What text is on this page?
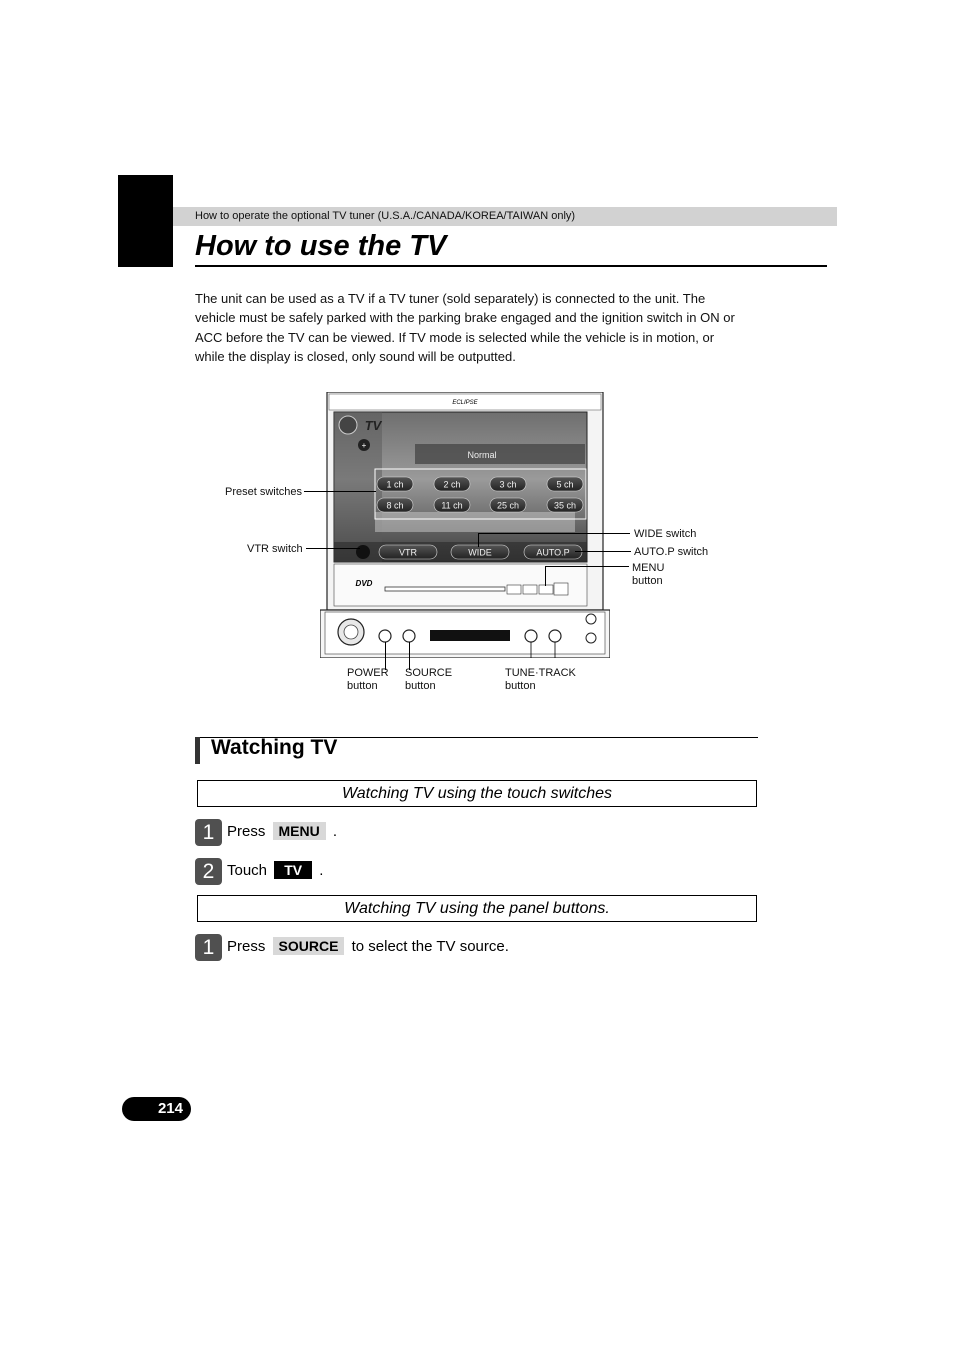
How to operate the optional TV tuner (U.S.A./CANADA/KOREA/TAIWAN only)
How to use the TV

The unit can be used as a TV if a TV tuner (sold separately) is connected to the unit. The

vehicle must be safely parked with the parking brake engaged and the ignition switch in ON or

ACC before the TV can be viewed. If TV mode is selected while the vehicle is in motion, or

while the display is closed, only sound will be outputted.

ECLIPSE
TV
+
Normal
1 ch	2 ch	3 ch	5 ch
8 ch	11 ch	25 ch	35 ch
VTR	WIDE	AUTO.P
DVD
Preset switches
VTR switch
WIDE switch
AUTO.P switch
MENU
button
POWER
button
SOURCE
button
TUNE·TRACK
button
Watching TV
Watching TV using the touch switches
1 Press MENU .
2 Touch TV .
Watching TV using the panel buttons.
1 Press SOURCE to select the TV source.
214
